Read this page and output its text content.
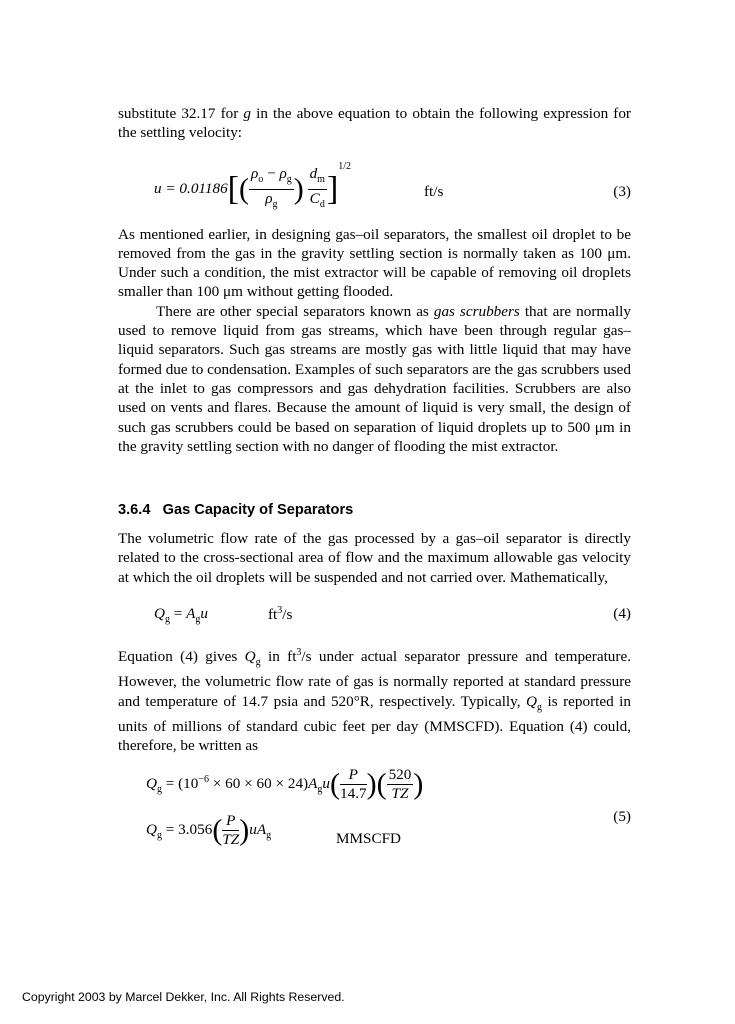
substitute 32.17 for g in the above equation to obtain the following expression for the settling velocity:

$u = 0.01186[( \frac{\rho_o - \rho_g}{\rho_g}$ ) $\frac{d_m}{C_d} ]^{1/2}$
ft/s	(3)

As mentioned earlier, in designing gas–oil separators, the smallest oil droplet to be removed from the gas in the gravity settling section is normally taken as 100 μm. Under such a condition, the mist extractor will be capable of removing oil droplets smaller than 100 μm without getting flooded.

There are other special separators known as gas scrubbers that are normally used to remove liquid from gas streams, which have been through regular gas–liquid separators. Such gas streams are mostly gas with little liquid that may have formed due to condensation. Examples of such separators are the gas scrubbers used at the inlet to gas compressors and gas dehydration facilities. Scrubbers are also used on vents and flares. Because the amount of liquid is very small, the design of such gas scrubbers could be based on separation of liquid droplets up to 500 μm in the gravity settling section with no danger of flooding the mist extractor.

3.6.4 Gas Capacity of Separators

The volumetric flow rate of the gas processed by a gas–oil separator is directly related to the cross-sectional area of flow and the maximum allowable gas velocity at which the oil droplets will be suspended and not carried over. Mathematically,

$Q_g = A_gu$	$ft^3/s$	(4)

Equation (4) gives $Q_g$ in $ft^3/s$ under actual separator pressure and temperature. However, the volumetric flow rate of gas is normally reported at standard pressure and temperature of 14.7 psia and 520°R, respectively. Typically, $Q_g$ is reported in units of millions of standard cubic feet per day (MMSCFD). Equation (4) could, therefore, be written as

$Q_g = (10^{-6} \times 60 \times 60 \times 24)A_gu( \frac{P}{14.7}$ )( $\frac{520}{TZ}$ )
$Q_g = 3.056( \frac{P}{TZ} )uA_g$	MMSCFD
(5)
Copyright 2003 by Marcel Dekker, Inc. All Rights Reserved.
